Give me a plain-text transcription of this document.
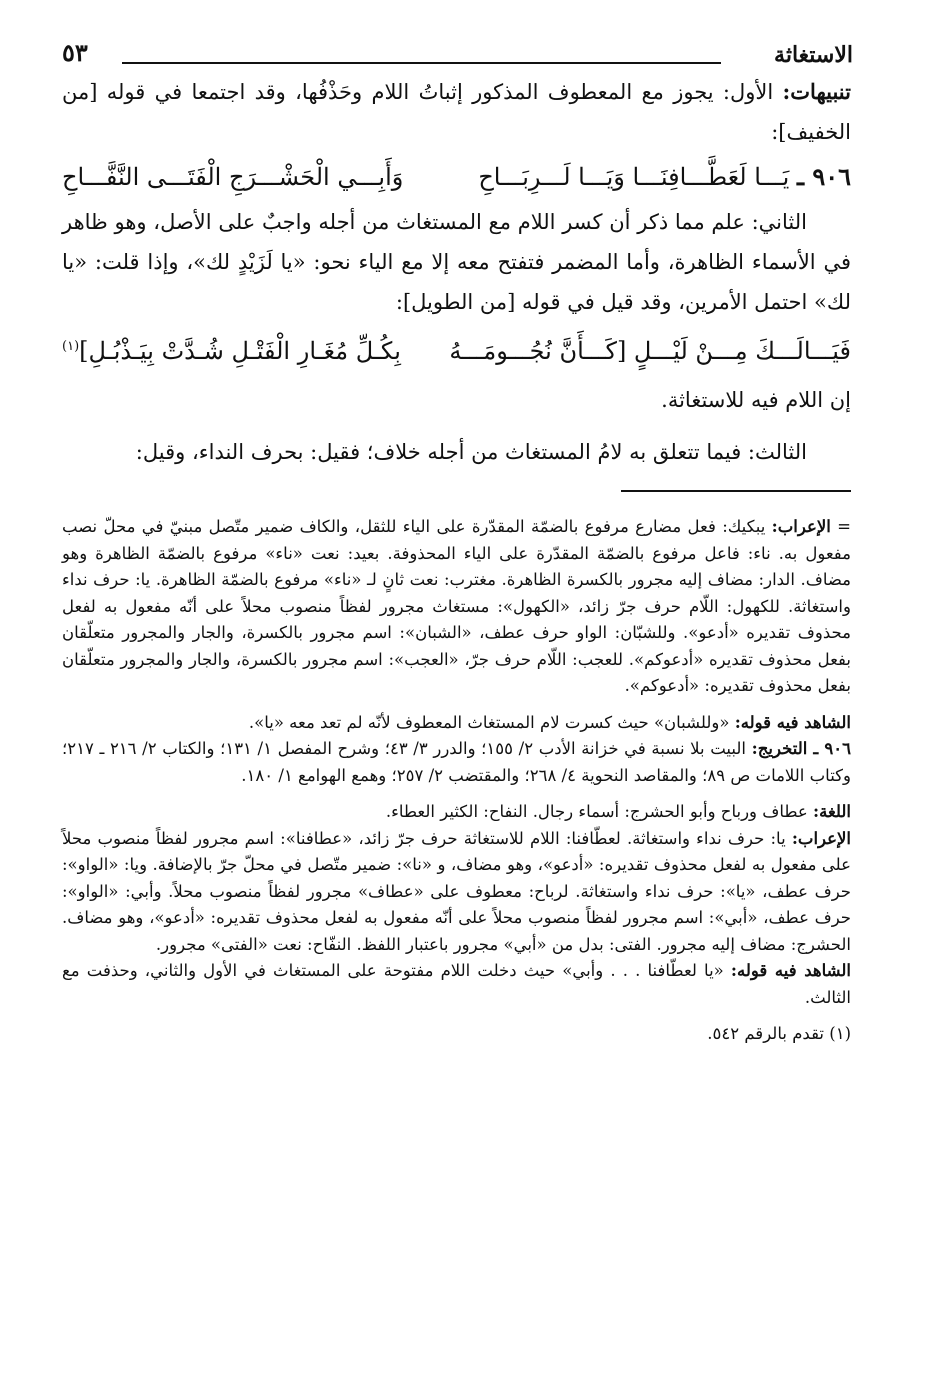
الاستغاثة
٥٣

تنبيهات: الأول: يجوز مع المعطوف المذكور إثباتُ اللام وحَذْفُها، وقد اجتمعا في قوله [من الخفيف]:

٩٠٦ ـ يَـــا لَعَطَّـــافِنَـــا وَيَـــا لَـــرِبَـــاحِ
وَأَبِـــي الْحَشْـــرَجِ الْفَتَـــى النَّفَّـــاحِ

الثاني: علم مما ذكر أن كسر اللام مع المستغاث من أجله واجبٌ على الأصل، وهو ظاهر في الأسماء الظاهرة، وأما المضمر فتفتح معه إلا مع الياء نحو: «يا لَزَيْدٍ لك»، وإذا قلت: «يا لك» احتمل الأمرين، وقد قيل في قوله [من الطويل]:

فَيَـــالَـــكَ مِـــنْ لَيْـــلٍ [كَـــأَنَّ نُجُـــومَـــهُ
بِكُـلِّ مُغَـارِ الْفَتْـلِ شُـدَّتْ بِيَـذْبُـلِ]$^{(١)}$

إن اللام فيه للاستغاثة.

الثالث: فيما تتعلق به لامُ المستغاث من أجله خلاف؛ فقيل: بحرف النداء، وقيل:

= الإعراب: يبكيك: فعل مضارع مرفوع بالضمّة المقدّرة على الياء للثقل، والكاف ضمير متّصل مبنيّ في محلّ نصب مفعول به. ناء: فاعل مرفوع بالضمّة المقدّرة على الياء المحذوفة. بعيد: نعت «ناء» مرفوع بالضمّة الظاهرة وهو مضاف. الدار: مضاف إليه مجرور بالكسرة الظاهرة. مغترب: نعت ثانٍ لـ «ناء» مرفوع بالضمّة الظاهرة. يا: حرف نداء واستغاثة. للكهول: اللّام حرف جرّ زائد، «الكهول»: مستغاث مجرور لفظاً منصوب محلاً على أنّه مفعول به لفعل محذوف تقديره «أدعو». وللشبّان: الواو حرف عطف، «الشبان»: اسم مجرور بالكسرة، والجار والمجرور متعلّقان بفعل محذوف تقديره «أدعوكم». للعجب: اللّام حرف جرّ، «العجب»: اسم مجرور بالكسرة، والجار والمجرور متعلّقان بفعل محذوف تقديره: «أدعوكم».

الشاهد فيه قوله: «وللشبان» حيث كسرت لام المستغاث المعطوف لأنّه لم تعد معه «يا».

٩٠٦ ـ التخريج: البيت بلا نسبة في خزانة الأدب ٢/ ١٥٥؛ والدرر ٣/ ٤٣؛ وشرح المفصل ١/ ١٣١؛ والكتاب ٢/ ٢١٦ ـ ٢١٧؛ وكتاب اللامات ص ٨٩؛ والمقاصد النحوية ٤/ ٢٦٨؛ والمقتضب ٢/ ٢٥٧؛ وهمع الهوامع ١/ ١٨٠.

اللغة: عطاف ورباح وأبو الحشرج: أسماء رجال. النفاح: الكثير العطاء.

الإعراب: يا: حرف نداء واستغاثة. لعطّافنا: اللام للاستغاثة حرف جرّ زائد، «عطافنا»: اسم مجرور لفظاً منصوب محلاً على مفعول به لفعل محذوف تقديره: «أدعو»، وهو مضاف، و «نا»: ضمير متّصل في محلّ جرّ بالإضافة. ويا: «الواو»: حرف عطف، «يا»: حرف نداء واستغاثة. لرباح: معطوف على «عطاف» مجرور لفظاً منصوب محلاً. وأبي: «الواو»: حرف عطف، «أبي»: اسم مجرور لفظاً منصوب محلاً على أنّه مفعول به لفعل محذوف تقديره: «أدعو»، وهو مضاف. الحشرج: مضاف إليه مجرور. الفتى: بدل من «أبي» مجرور باعتبار اللفظ. النفّاح: نعت «الفتى» مجرور.

الشاهد فيه قوله: «يا لعطّافنا . . . وأبي» حيث دخلت اللام مفتوحة على المستغاث في الأول والثاني، وحذفت مع الثالث.

(١) تقدم بالرقم ٥٤٢.
